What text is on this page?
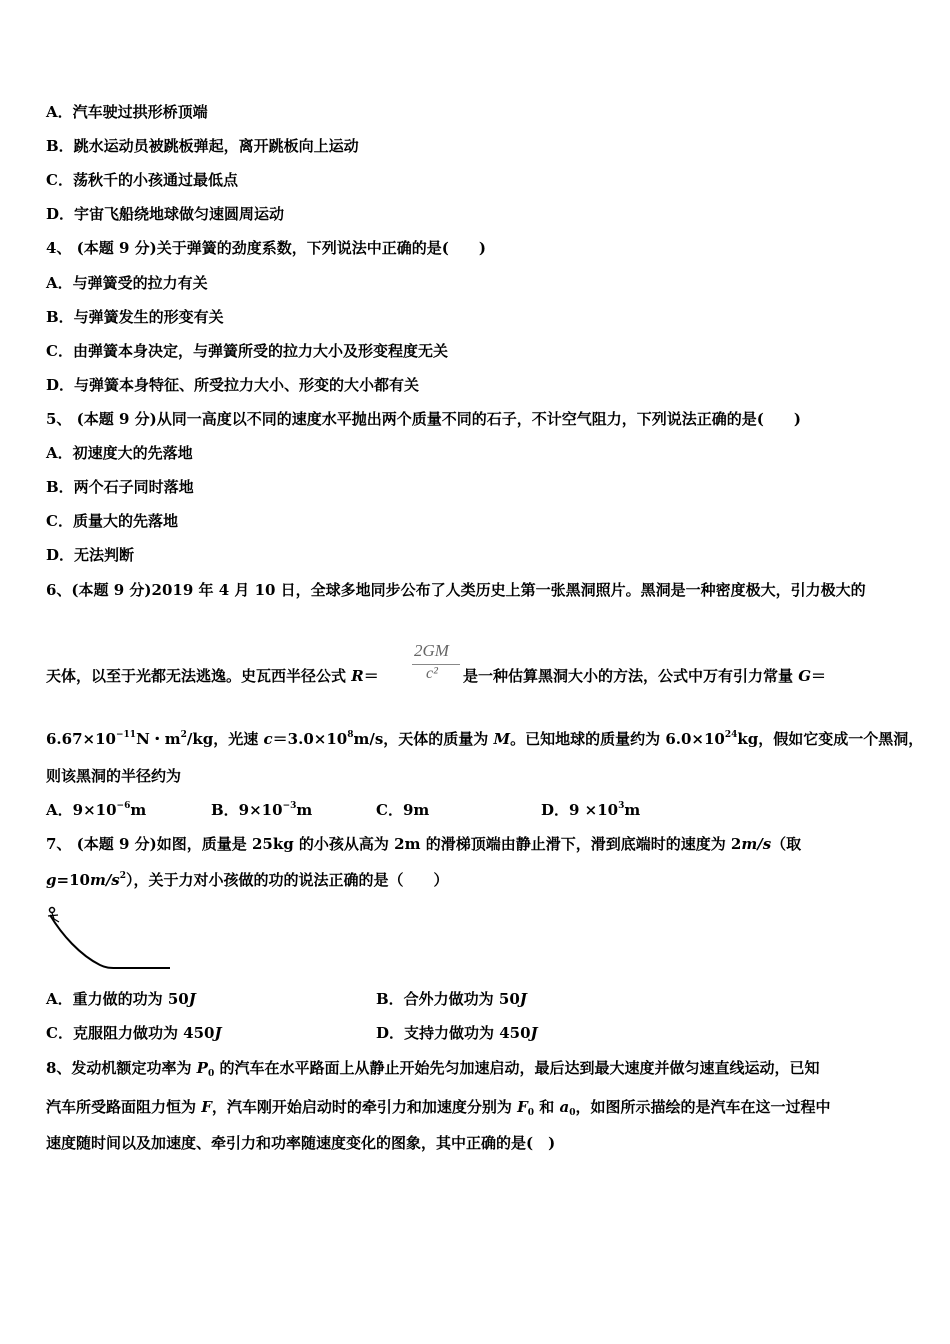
A．汽车驶过拱形桥顶端
B．跳水运动员被跳板弹起，离开跳板向上运动
C．荡秋千的小孩通过最低点
D．宇宙飞船绕地球做匀速圆周运动
4、 (本题 9 分)关于弹簧的劲度系数，下列说法中正确的是(　　)
A．与弹簧受的拉力有关
B．与弹簧发生的形变有关
C．由弹簧本身决定，与弹簧所受的拉力大小及形变程度无关
D．与弹簧本身特征、所受拉力大小、形变的大小都有关
5、 (本题 9 分)从同一高度以不同的速度水平抛出两个质量不同的石子，不计空气阻力，下列说法正确的是(　　)
A．初速度大的先落地
B．两个石子同时落地
C．质量大的先落地
D．无法判断
6、(本题 9 分)2019 年 4 月 10 日，全球多地同步公布了人类历史上第一张黑洞照片。黑洞是一种密度极大，引力极大的
天体，以至于光都无法逃逸。史瓦西半径公式 R＝
2GM
c² 是一种估算黑洞大小的方法，公式中万有引力常量 G＝
$6.67\times 10^{-11}N$・$m^2/kg$，光速 $c=3.0\times 10^8m/s$，天体的质量为 M。已知地球的质量约为 $6.0\times 10^{24}kg$，假如它变成一个黑洞，
则该黑洞的半径约为
A．$9\times 10^{-6}m$	B．$9\times 10^{-3}m$	C．9m	D．$9 \times 10^3m$
7、 (本题 9 分)如图，质量是 25kg 的小孩从高为 2m 的滑梯顶端由静止滑下，滑到底端时的速度为 2m/s（取
$g=10m/s^2$），关于力对小孩做的功的说法正确的是（　　）
A．重力做的功为 50J	B．合外力做功为 50J
C．克服阻力做功为 450J	D．支持力做功为 450J
8、发动机额定功率为 $P_0$ 的汽车在水平路面上从静止开始先匀加速启动，最后达到最大速度并做匀速直线运动，已知
汽车所受路面阻力恒为 F，汽车刚开始启动时的牵引力和加速度分别为 $F_0$ 和 $a_0$，如图所示描绘的是汽车在这一过程中
速度随时间以及加速度、牵引力和功率随速度变化的图象，其中正确的是(　)
